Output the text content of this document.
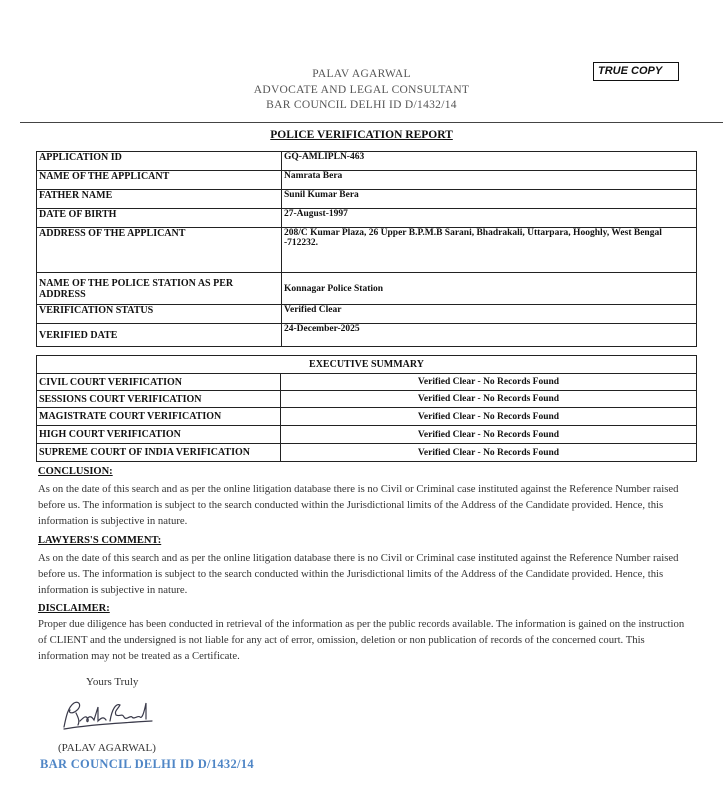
PALAV AGARWAL
ADVOCATE AND LEGAL CONSULTANT
BAR COUNCIL DELHI ID D/1432/14
TRUE COPY
POLICE VERIFICATION REPORT
APPLICATION ID	GQ-AMLIPLN-463
NAME OF THE APPLICANT	Namrata Bera
FATHER NAME	Sunil Kumar Bera
DATE OF BIRTH	27-August-1997
ADDRESS OF THE APPLICANT	208/C Kumar Plaza, 26 Upper B.P.M.B Sarani, Bhadrakali, Uttarpara, Hooghly, West Bengal -712232.
NAME OF THE POLICE STATION AS PER ADDRESS	Konnagar Police Station
VERIFICATION STATUS	Verified Clear
VERIFIED DATE	24-December-2025
EXECUTIVE SUMMARY	
CIVIL COURT VERIFICATION	Verified Clear - No Records Found
SESSIONS COURT VERIFICATION	Verified Clear - No Records Found
MAGISTRATE COURT VERIFICATION	Verified Clear - No Records Found
HIGH COURT VERIFICATION	Verified Clear - No Records Found
SUPREME COURT OF INDIA VERIFICATION	Verified Clear - No Records Found
CONCLUSION:
As on the date of this search and as per the online litigation database there is no Civil or Criminal case instituted against the Reference Number raised before us. The information is subject to the search conducted within the Jurisdictional limits of the Address of the Candidate provided. Hence, this information is subjective in nature.
LAWYERS'S COMMENT:
As on the date of this search and as per the online litigation database there is no Civil or Criminal case instituted against the Reference Number raised before us. The information is subject to the search conducted within the Jurisdictional limits of the Address of the Candidate provided. Hence, this information is subjective in nature.
DISCLAIMER:
Proper due diligence has been conducted in retrieval of the information as per the public records available. The information is gained on the instruction of CLIENT and the undersigned is not liable for any act of error, omission, deletion or non publication of records of the concerned court. This information may not be treated as a Certificate.
Yours Truly
(PALAV AGARWAL)
BAR COUNCIL DELHI ID D/1432/14
